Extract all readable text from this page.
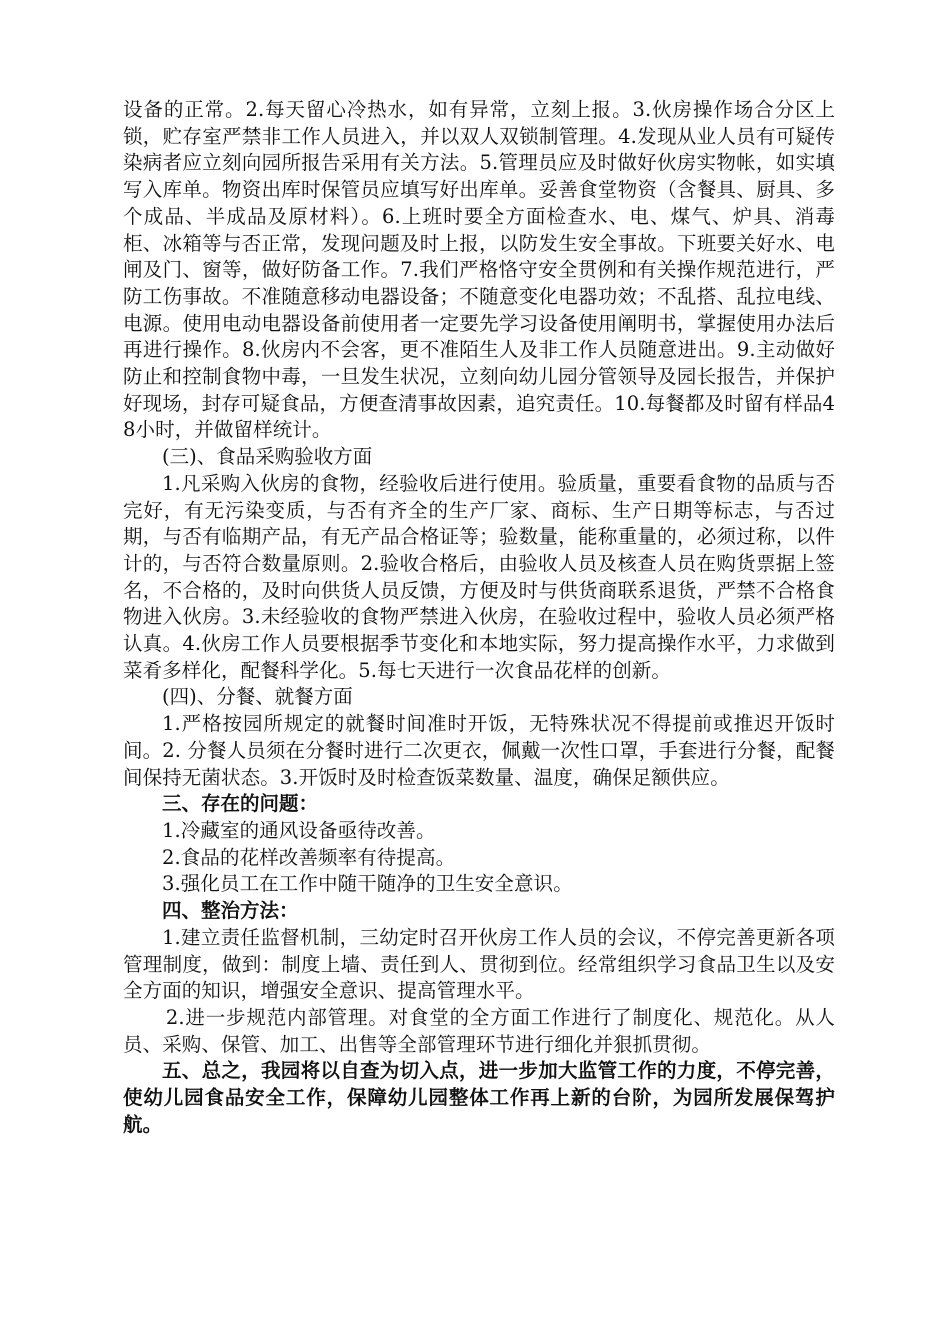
设备的正常。2.每天留心冷热水，如有异常，立刻上报。3.伙房操作场合分区上锁，贮存室严禁非工作人员进入，并以双人双锁制管理。4.发现从业人员有可疑传染病者应立刻向园所报告采用有关方法。5.管理员应及时做好伙房实物帐，如实填写入库单。物资出库时保管员应填写好出库单。妥善食堂物资（含餐具、厨具、多个成品、半成品及原材料）。6.上班时要全方面检查水、电、煤气、炉具、消毒柜、冰箱等与否正常，发现问题及时上报，以防发生安全事故。下班要关好水、电闸及门、窗等，做好防备工作。7.我们严格恪守安全贯例和有关操作规范进行，严防工伤事故。不准随意移动电器设备；不随意变化电器功效；不乱搭、乱拉电线、电源。使用电动电器设备前使用者一定要先学习设备使用阐明书，掌握使用办法后再进行操作。8.伙房内不会客，更不准陌生人及非工作人员随意进出。9.主动做好防止和控制食物中毒，一旦发生状况，立刻向幼儿园分管领导及园长报告，并保护好现场，封存可疑食品，方便查清事故因素，追究责任。10.每餐都及时留有样品48小时，并做留样统计。

(三)、食品采购验收方面

1.凡采购入伙房的食物，经验收后进行使用。验质量，重要看食物的品质与否完好，有无污染变质，与否有齐全的生产厂家、商标、生产日期等标志，与否过期，与否有临期产品，有无产品合格证等；验数量，能称重量的，必须过称，以件计的，与否符合数量原则。2.验收合格后，由验收人员及核查人员在购货票据上签名，不合格的，及时向供货人员反馈，方便及时与供货商联系退货，严禁不合格食物进入伙房。3.未经验收的食物严禁进入伙房，在验收过程中，验收人员必须严格认真。4.伙房工作人员要根据季节变化和本地实际，努力提高操作水平，力求做到菜肴多样化，配餐科学化。5.每七天进行一次食品花样的创新。

(四)、分餐、就餐方面

1.严格按园所规定的就餐时间准时开饭，无特殊状况不得提前或推迟开饭时间。2. 分餐人员须在分餐时进行二次更衣，佩戴一次性口罩，手套进行分餐，配餐间保持无菌状态。3.开饭时及时检查饭菜数量、温度，确保足额供应。

三、存在的问题：

1.冷藏室的通风设备亟待改善。

2.食品的花样改善频率有待提高。

3.强化员工在工作中随干随净的卫生安全意识。

四、整治方法：

1.建立责任监督机制，三幼定时召开伙房工作人员的会议，不停完善更新各项管理制度，做到：制度上墙、责任到人、贯彻到位。经常组织学习食品卫生以及安全方面的知识，增强安全意识、提高管理水平。

2.进一步规范内部管理。对食堂的全方面工作进行了制度化、规范化。从人员、采购、保管、加工、出售等全部管理环节进行细化并狠抓贯彻。

五、总之，我园将以自查为切入点，进一步加大监管工作的力度，不停完善，使幼儿园食品安全工作，保障幼儿园整体工作再上新的台阶，为园所发展保驾护航。
